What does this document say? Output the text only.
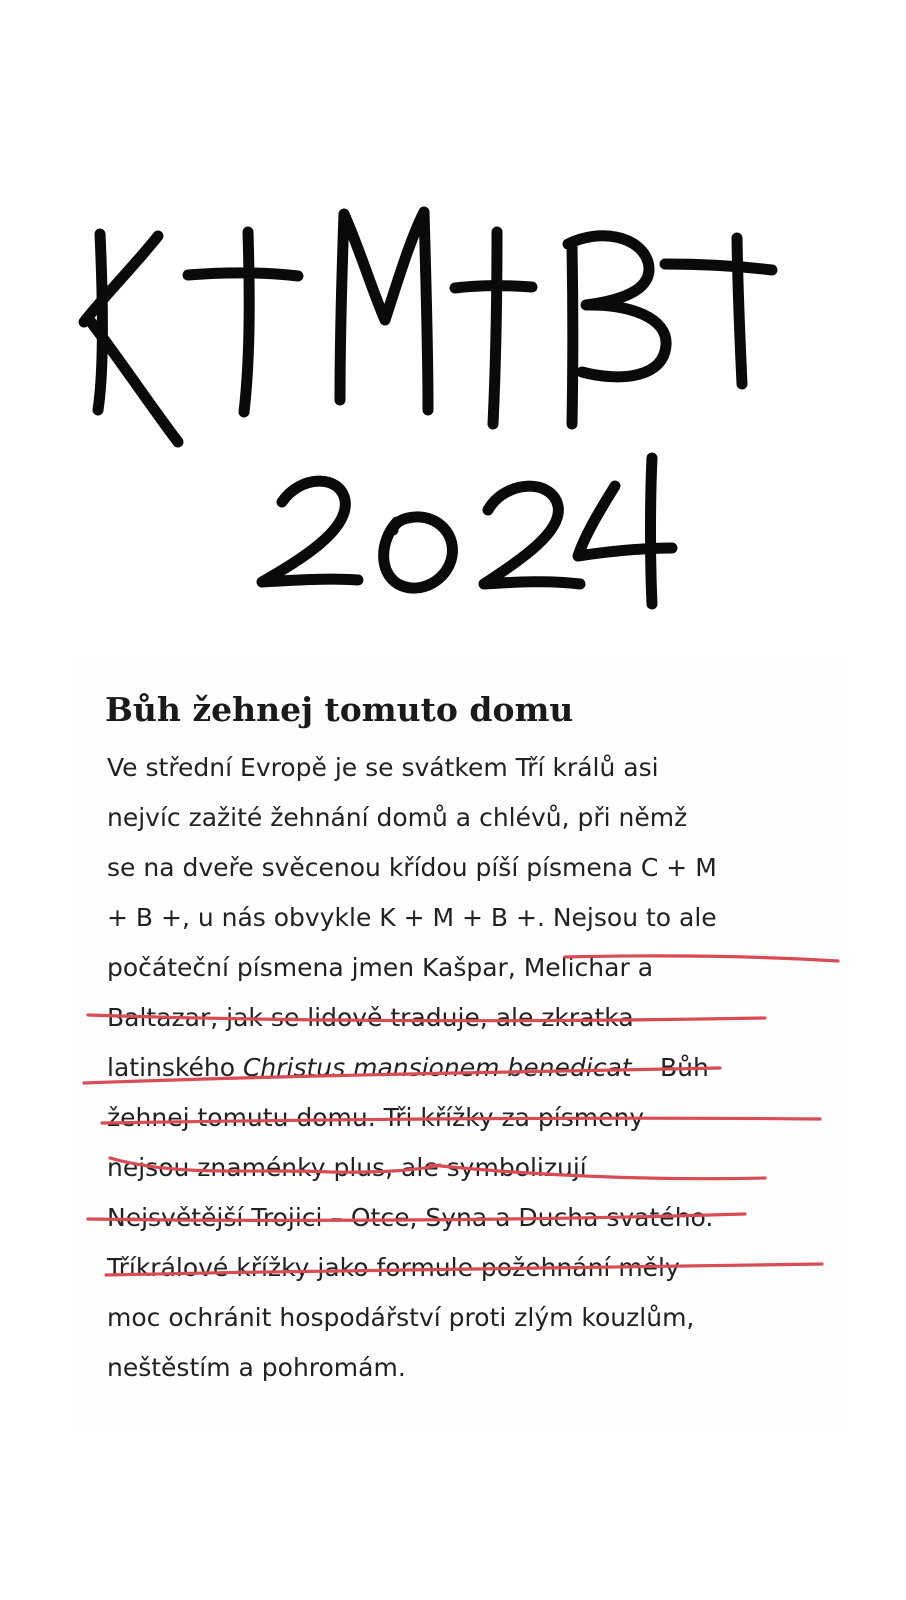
Bůh žehnej tomuto domu
Ve střední Evropě je se svátkem Tří králů asi
nejvíc zažité žehnání domů a chlévů, při němž
se na dveře svěcenou křídou píší písmena C + M
+ B +, u nás obvykle K + M + B +. Nejsou to ale
počáteční písmena jmen Kašpar, Melichar a
Baltazar, jak se lidově traduje, ale zkratka
latinského Christus mansionem benedicat – Bůh
žehnej tomutu domu. Tři křížky za písmeny
nejsou znaménky plus, ale symbolizují
Nejsvětější Trojici – Otce, Syna a Ducha svatého.
Tříkrálové křížky jako formule požehnání měly
moc ochránit hospodářství proti zlým kouzlům,
neštěstím a pohromám.
